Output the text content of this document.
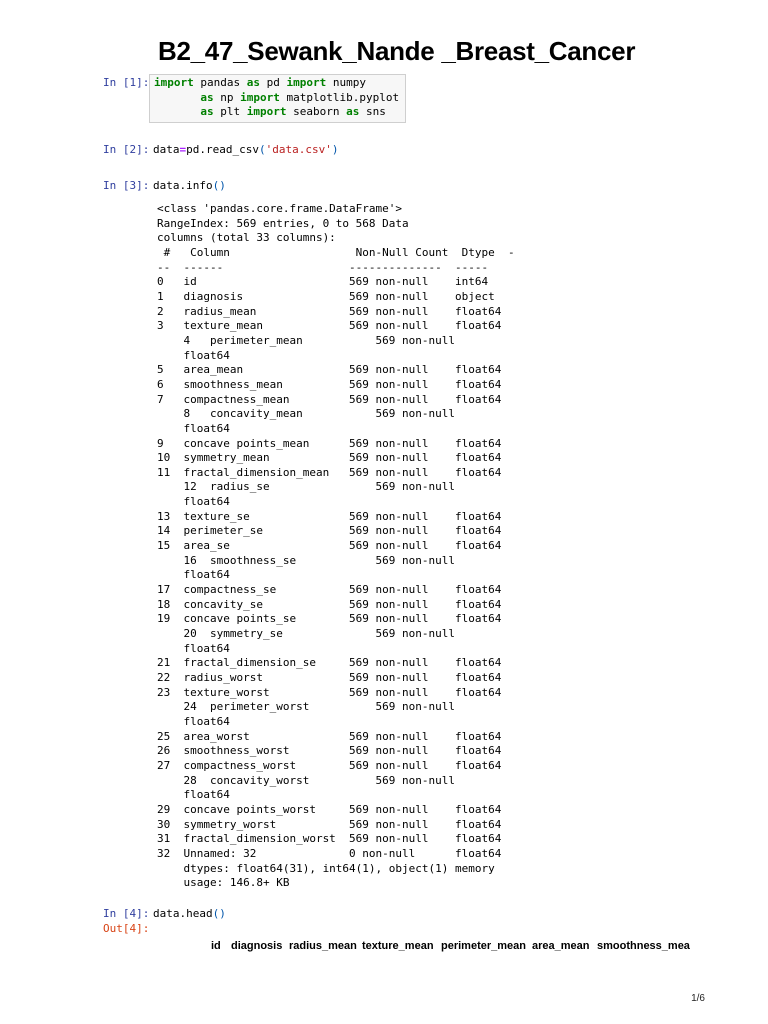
B2_47_Sewank_Nande _Breast_Cancer
In [1]: import pandas as pd import numpy
as np import matplotlib.pyplot
as plt import seaborn as sns
In [2]: data=pd.read_csv('data.csv')
In [3]: data.info()
<class 'pandas.core.frame.DataFrame'>
RangeIndex: 569 entries, 0 to 568 Data
columns (total 33 columns):
#   Column                   Non-Null Count  Dtype  -
--  ------                   --------------  -----
0   id                       569 non-null    int64
1   diagnosis                569 non-null    object
2   radius_mean              569 non-null    float64
3   texture_mean             569 non-null    float64
4   perimeter_mean           569 non-null
float64
5   area_mean                569 non-null    float64
6   smoothness_mean          569 non-null    float64
7   compactness_mean         569 non-null    float64
8   concavity_mean           569 non-null
float64
9   concave points_mean      569 non-null    float64
10  symmetry_mean            569 non-null    float64
11  fractal_dimension_mean   569 non-null    float64
12  radius_se                569 non-null
float64
13  texture_se               569 non-null    float64
14  perimeter_se             569 non-null    float64
15  area_se                  569 non-null    float64
16  smoothness_se            569 non-null
float64
17  compactness_se           569 non-null    float64
18  concavity_se             569 non-null    float64
19  concave points_se        569 non-null    float64
20  symmetry_se              569 non-null
float64
21  fractal_dimension_se     569 non-null    float64
22  radius_worst             569 non-null    float64
23  texture_worst            569 non-null    float64
24  perimeter_worst          569 non-null
float64
25  area_worst               569 non-null    float64
26  smoothness_worst         569 non-null    float64
27  compactness_worst        569 non-null    float64
28  concavity_worst          569 non-null
float64
29  concave points_worst     569 non-null    float64
30  symmetry_worst           569 non-null    float64
31  fractal_dimension_worst  569 non-null    float64
32  Unnamed: 32              0 non-null      float64
dtypes: float64(31), int64(1), object(1) memory
usage: 146.8+ KB

In [4]: data.head()
Out[4]:
id diagnosis radius_mean texture_mean perimeter_mean area_mean smoothness_mea
1/6
